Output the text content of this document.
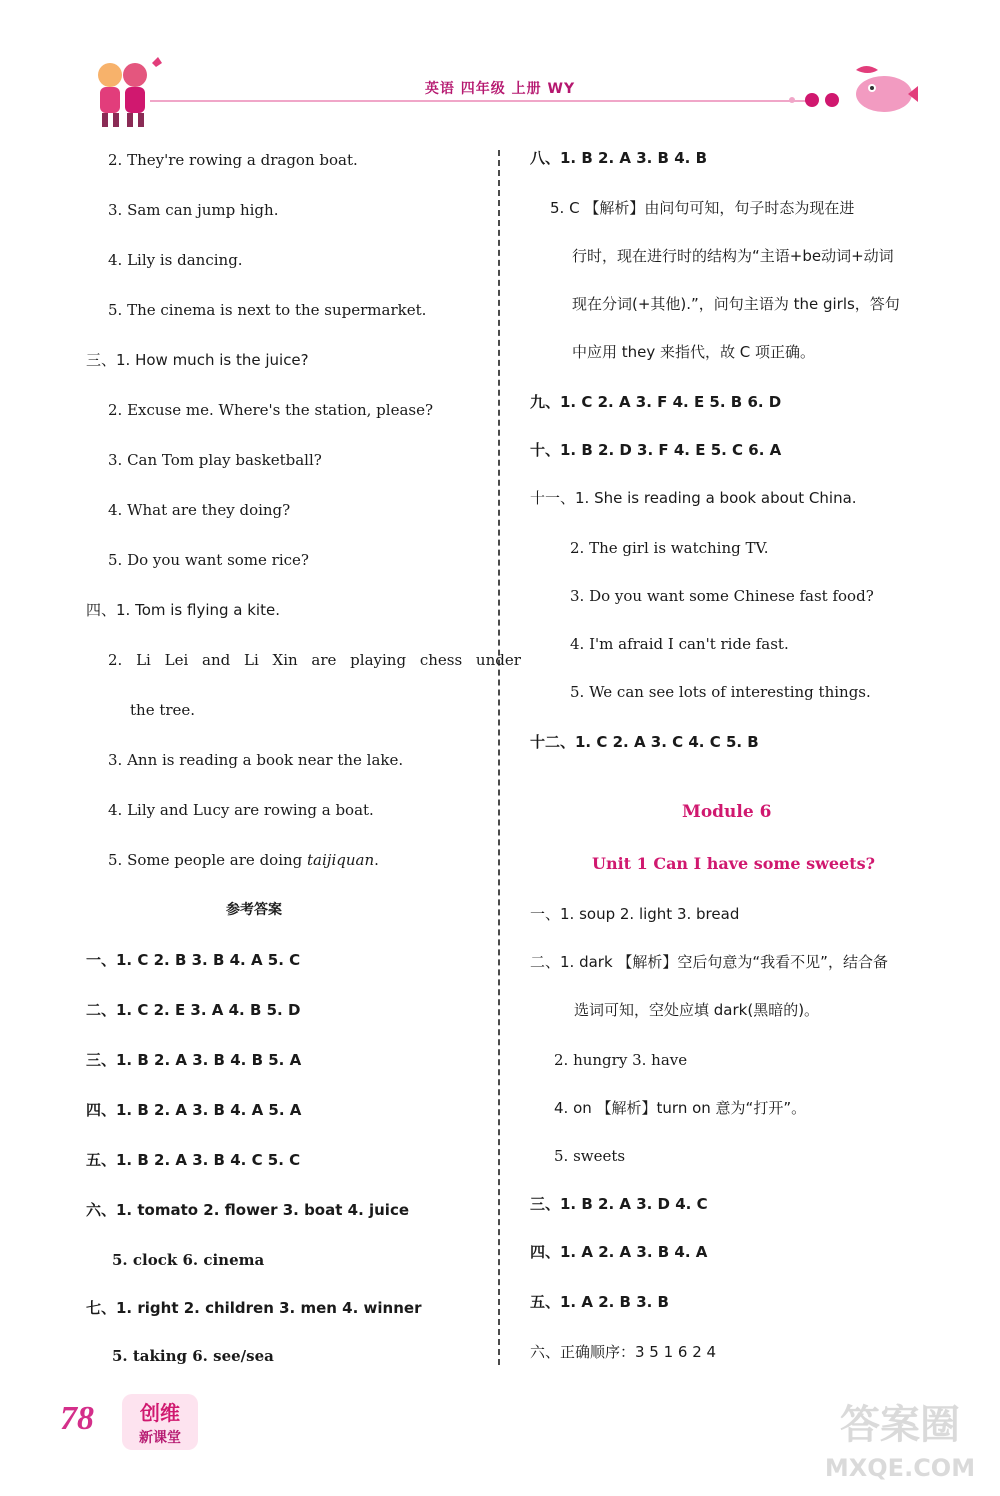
英语 四年级 上册 WY
2. They're rowing a dragon boat.
3. Sam can jump high.
4. Lily is dancing.
5. The cinema is next to the supermarket.
三、1. How much is the juice?
2. Excuse me. Where's the station, please?
3. Can Tom play basketball?
4. What are they doing?
5. Do you want some rice?
四、1. Tom is flying a kite.
2. Li Lei and Li Xin are playing chess under
the tree.
3. Ann is reading a book near the lake.
4. Lily and Lucy are rowing a boat.
5. Some people are doing taijiquan.
参考答案
一、1. C 2. B 3. B 4. A 5. C
二、1. C 2. E 3. A 4. B 5. D
三、1. B 2. A 3. B 4. B 5. A
四、1. B 2. A 3. B 4. A 5. A
五、1. B 2. A 3. B 4. C 5. C
六、1. tomato 2. flower 3. boat 4. juice
5. clock 6. cinema
七、1. right 2. children 3. men 4. winner
5. taking 6. see/sea
八、1. B 2. A 3. B 4. B
5. C 【解析】由问句可知，句子时态为现在进
行时，现在进行时的结构为“主语+be动词+动词
现在分词(+其他).”，问句主语为 the girls，答句
中应用 they 来指代，故 C 项正确。
九、1. C 2. A 3. F 4. E 5. B 6. D
十、1. B 2. D 3. F 4. E 5. C 6. A
十一、1. She is reading a book about China.
2. The girl is watching TV.
3. Do you want some Chinese fast food?
4. I'm afraid I can't ride fast.
5. We can see lots of interesting things.
十二、1. C 2. A 3. C 4. C 5. B
Module 6
Unit 1 Can I have some sweets?
一、1. soup 2. light 3. bread
二、1. dark 【解析】空后句意为“我看不见”，结合备
选词可知，空处应填 dark(黑暗的)。
2. hungry 3. have
4. on 【解析】turn on 意为“打开”。
5. sweets
三、1. B 2. A 3. D 4. C
四、1. A 2. A 3. B 4. A
五、1. A 2. B 3. B
六、正确顺序：3 5 1 6 2 4
78	创维
新课堂	答案圈
MXQE.COM
